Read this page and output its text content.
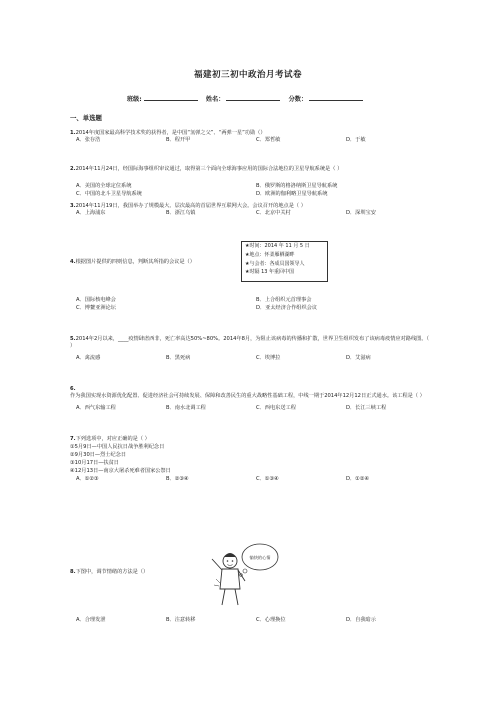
福建初三初中政治月考试卷
班级:	姓名：	分数：
一、单选题
1.2014年度国家最高科学技术奖的获得者，是中国“氢弹之父”、“两弹一星”功勋（）
A．张存浩	B．程开甲	C．郑哲敏	D．于敏
2.2014年11月24日，经国际海事组织审议通过，取得第三个面向全球海事应用的国际合法地位的卫星导航系统是（ ）
A．美国的全球定位系统	B．俄罗斯的格洛纳斯卫星导航系统
C．中国的北斗卫星导航系统	D．欧洲的伽利略卫星导航系统
3.2014年11月19日，我国举办了规模最大、层次最高的首届世界互联网大会。会议召开的地点是（ ）
A．上海浦东	B．浙江乌镇	C．北京中关村	D．深圳宝安
4.根据图片提供的四则信息，判断其所指的会议是（）
★时间：2014 年 11 月 5 日
★地点：怀柔雁栖湖畔
★与会者：各成员国领导人
★时隔 13 年重回中国
A．国际核电峰会	B．上合组织元首理事会
C．博鳌亚洲论坛	D．亚太经济合作组织会议
5.2014年2月以来，____疫情肆虐西非，死亡率高达50%~80%。2014年8月，为阻止该病毒的传播和扩散，世界卫生组织发布了该病毒疫情应对路线图。（ ）
A．禽流感	B．黑死病	C．埃博拉	D．艾滋病
6.作为我国实现水资源优化配置、促进经济社会可持续发展、保障和改善民生的重大战略性基础工程，中线一期于2014年12月12日正式通水。该工程是（ ）
A．西气东输工程	B．南水北调工程	C．西电东送工程	D．长江三峡工程
7.下列选项中，对应正确的是（ ）
①5月9日—中国人民抗日战争胜利纪念日
②9月30日—烈士纪念日
③10月17日—扶贫日
④12月13日—南京大屠杀死难者国家公祭日
A．①②③	B．②③④	C．①③④	D．①②④
8.下图中，调节情绪的方法是（）
愉快的心情
A．合理发泄	B．注意转移	C．心理换位	D．自我暗示
